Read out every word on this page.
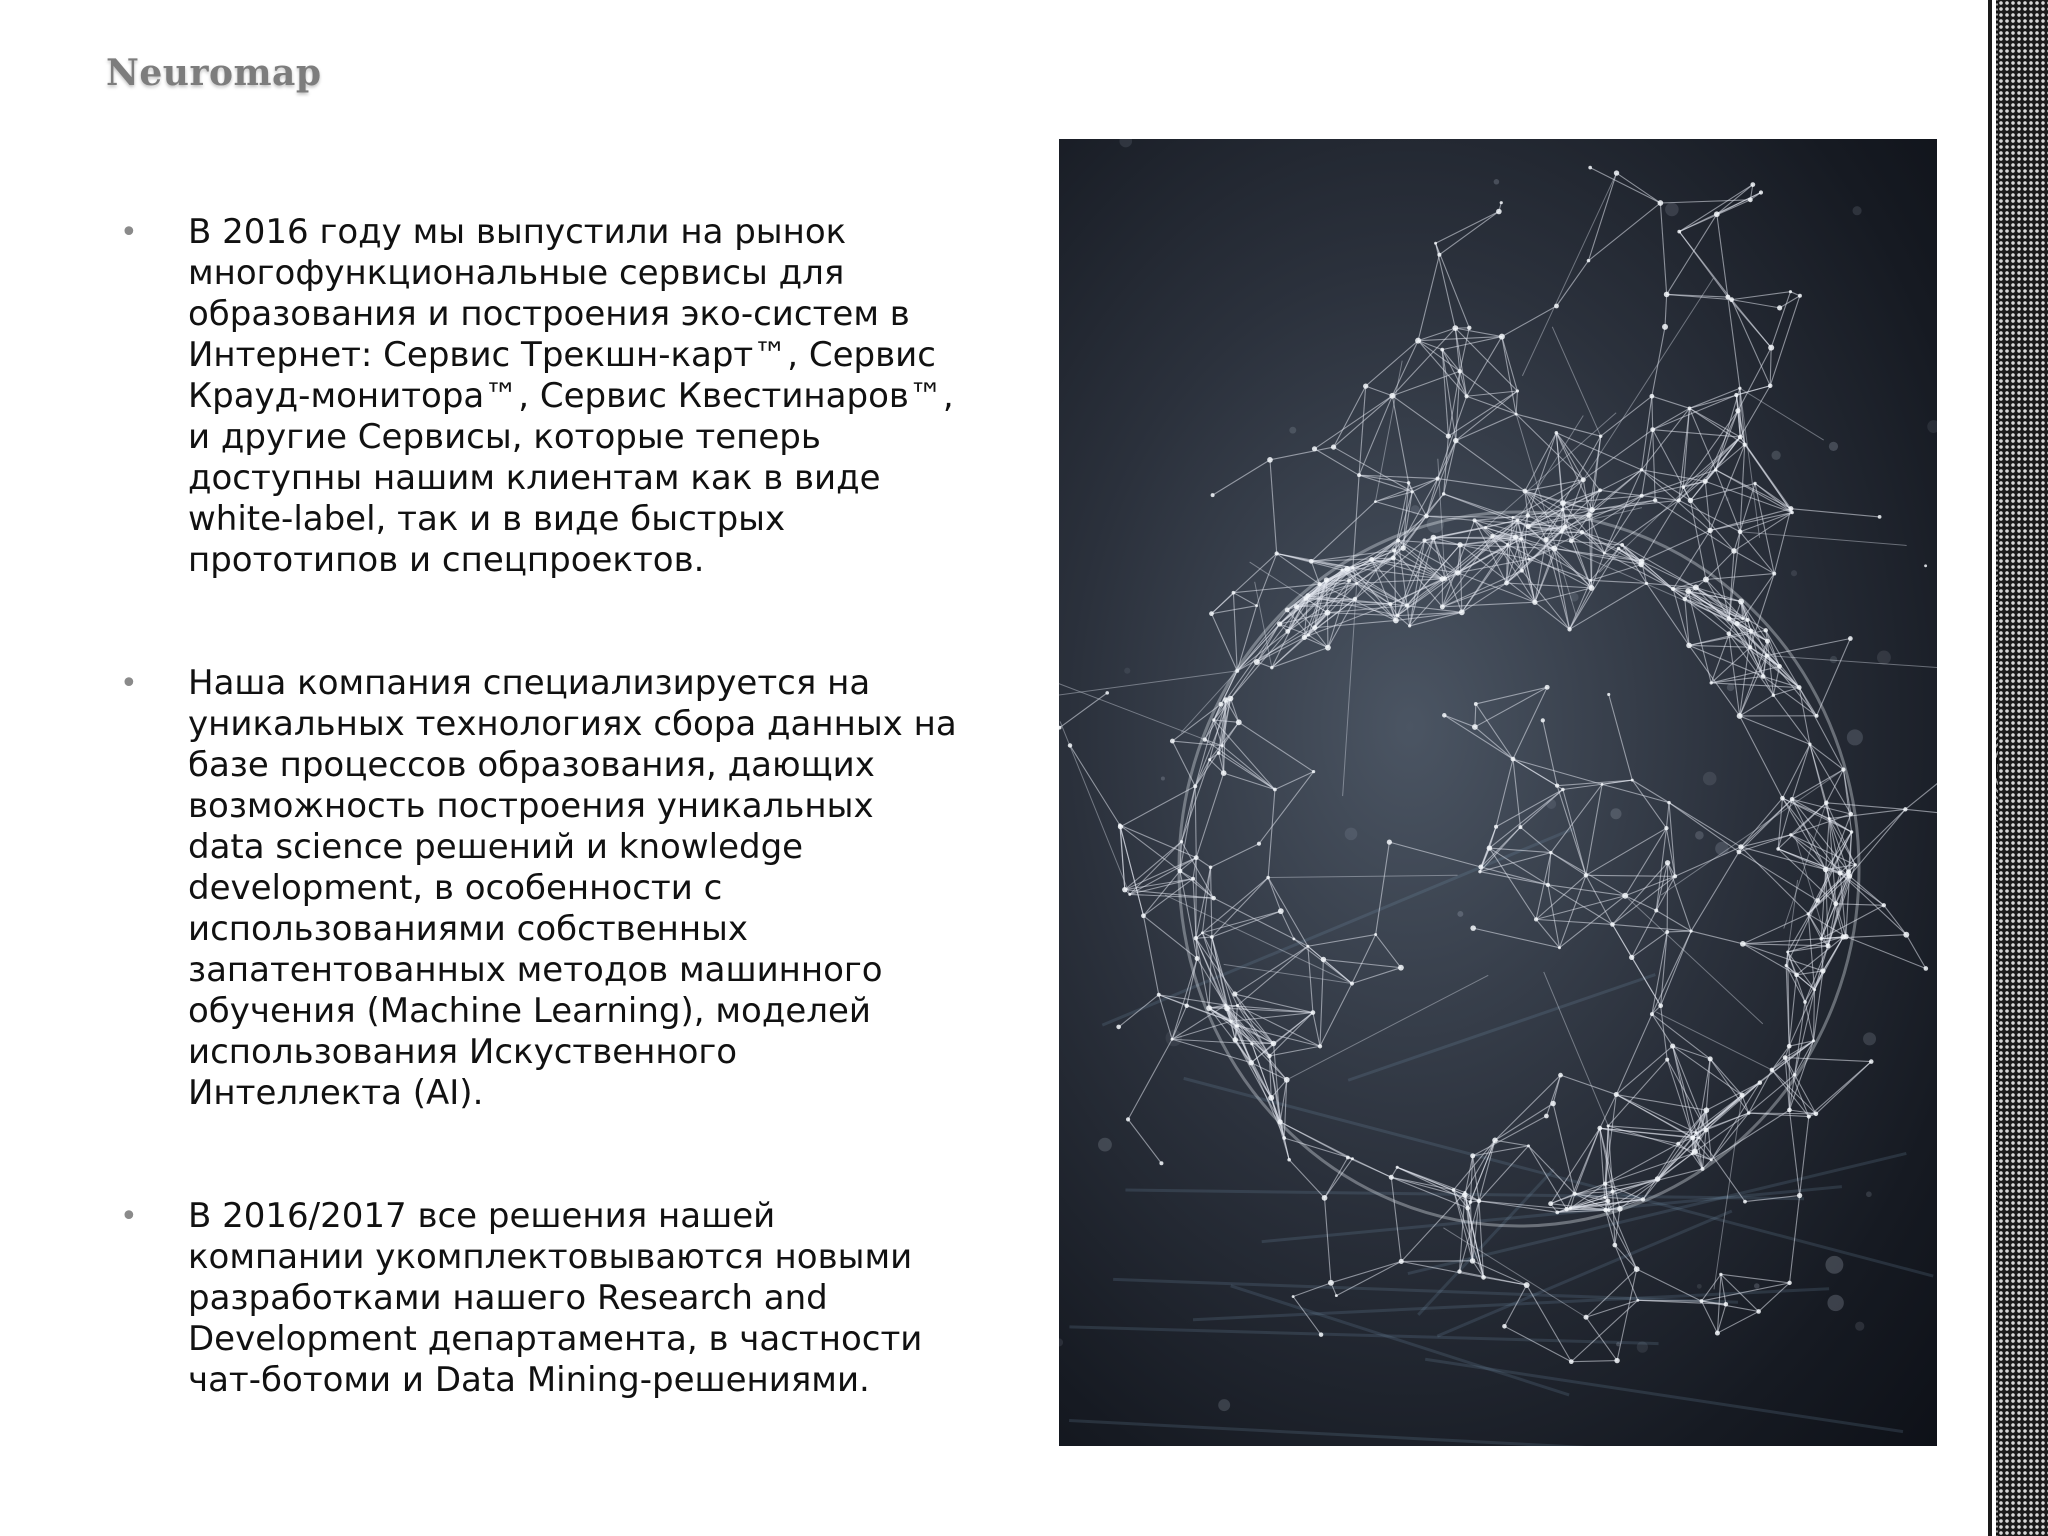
Neuromap
• В 2016 году мы выпустили на рынок многофункциональные сервисы для образования и построения эко-систем в Интернет: Сервис Трекшн-карт™, Сервис Крауд-монитора™, Сервис Квестинаров™, и другие Сервисы, которые теперь доступны нашим клиентам как в виде white-label, так и в виде быстрых прототипов и спецпроектов.
• Наша компания специализируется на уникальных технологиях сбора данных на базе процессов образования, дающих возможность построения уникальных data science решений и knowledge development, в особенности с использованиями собственных запатентованных методов машинного обучения (Machine Learning), моделей использования Искуственного Интеллекта (AI).
• В 2016/2017 все решения нашей компании укомплектовываются новыми разработками нашего Research and Development департамента, в частности чат-ботоми и Data Mining-решениями.
